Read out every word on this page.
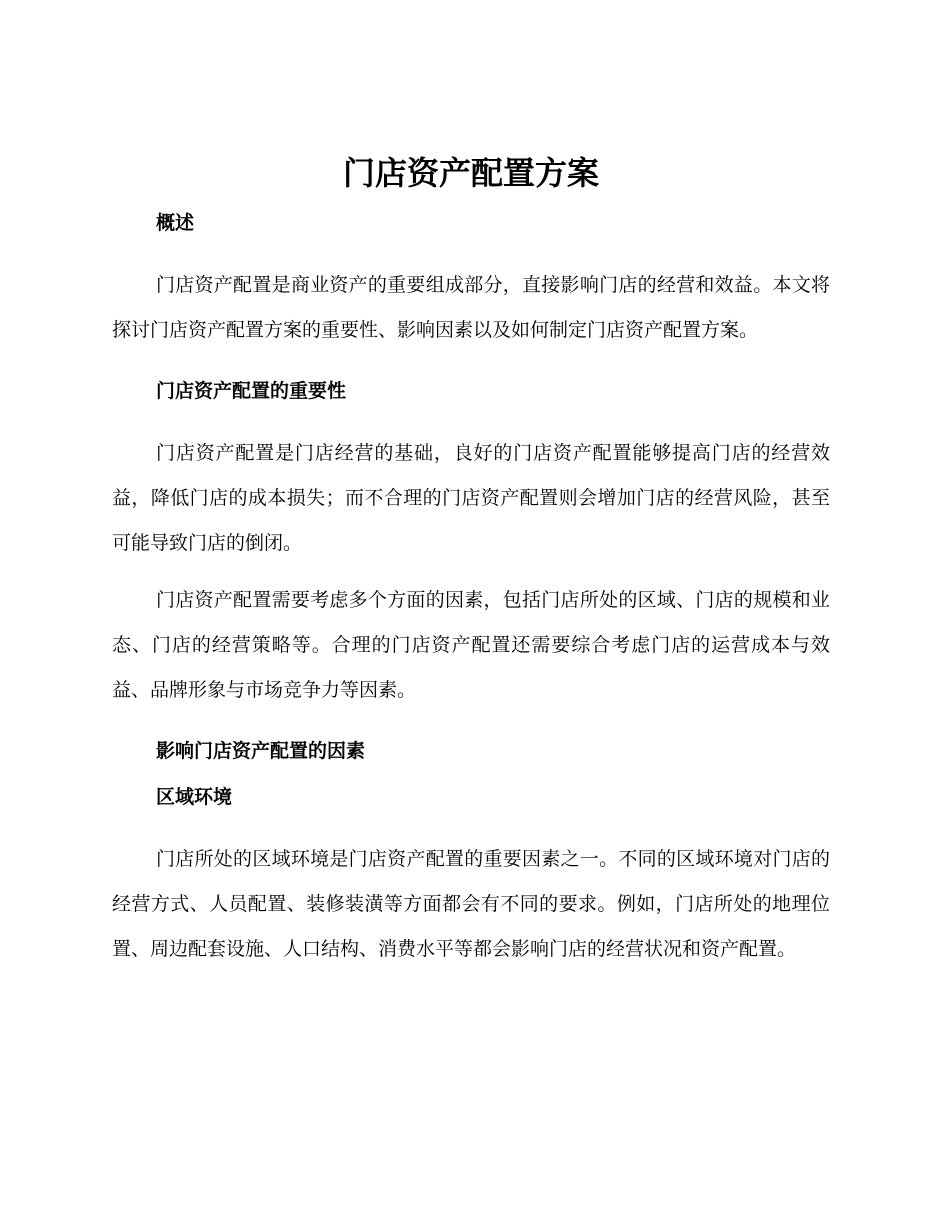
门店资产配置方案
概述

门店资产配置是商业资产的重要组成部分，直接影响门店的经营和效益。本文将探讨门店资产配置方案的重要性、影响因素以及如何制定门店资产配置方案。

门店资产配置的重要性

门店资产配置是门店经营的基础，良好的门店资产配置能够提高门店的经营效益，降低门店的成本损失；而不合理的门店资产配置则会增加门店的经营风险，甚至可能导致门店的倒闭。

门店资产配置需要考虑多个方面的因素，包括门店所处的区域、门店的规模和业态、门店的经营策略等。合理的门店资产配置还需要综合考虑门店的运营成本与效益、品牌形象与市场竞争力等因素。

影响门店资产配置的因素
区域环境

门店所处的区域环境是门店资产配置的重要因素之一。不同的区域环境对门店的经营方式、人员配置、装修装潢等方面都会有不同的要求。例如，门店所处的地理位置、周边配套设施、人口结构、消费水平等都会影响门店的经营状况和资产配置。
